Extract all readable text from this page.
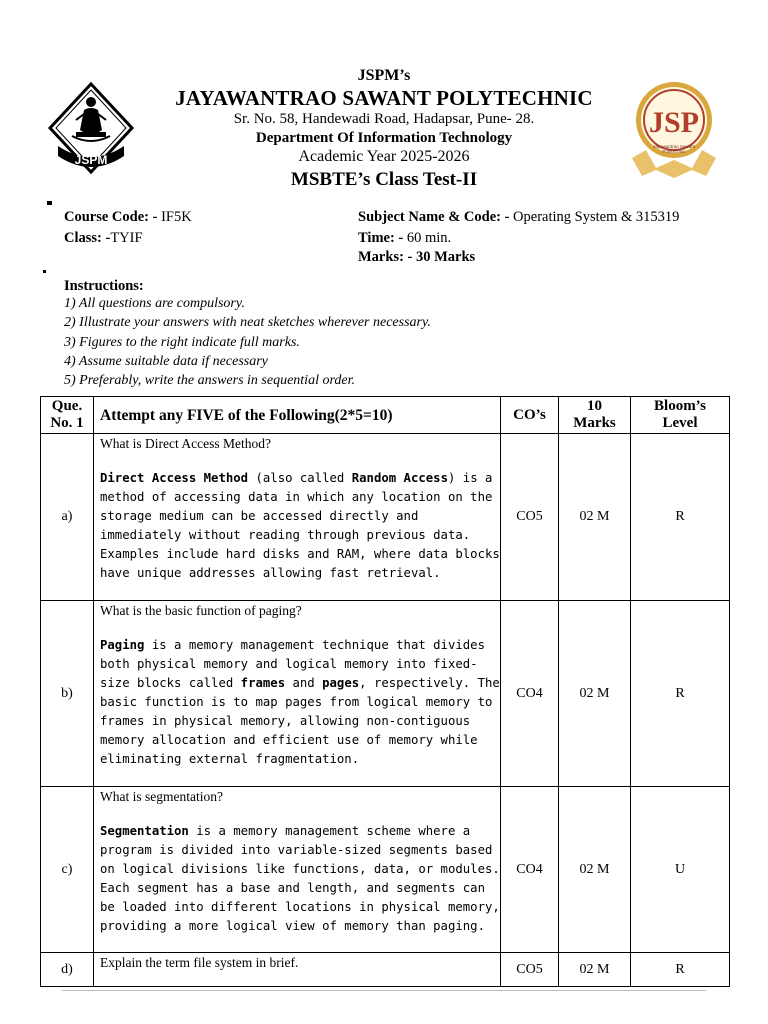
JSPM
JSP
Jayawantrao Sawant
Polytechnic
JSPM’s
JAYAWANTRAO SAWANT POLYTECHNIC
Sr. No. 58, Handewadi Road, Hadapsar, Pune- 28.
Department Of Information Technology
Academic Year 2025-2026
MSBTE’s Class Test-II
Course Code: - IF5K
Class: -TYIF
Subject Name & Code: - Operating System & 315319
Time: - 60 min.
Marks: - 30 Marks
Instructions:
1) All questions are compulsory.
2) Illustrate your answers with neat sketches wherever necessary.
3) Figures to the right indicate full marks.
4) Assume suitable data if necessary
5) Preferably, write the answers in sequential order.
Que. No. 1	Attempt any FIVE of the Following(2*5=10)	CO’s	10 Marks	Bloom’s Level
a)	What is Direct Access Method?
Direct Access Method (also called Random Access) is a method of accessing data in which any location on the storage medium can be accessed directly and immediately without reading through previous data. Examples include hard disks and RAM, where data blocks have unique addresses allowing fast retrieval.	CO5	02 M	R
b)	What is the basic function of paging?
Paging is a memory management technique that divides both physical memory and logical memory into fixed-size blocks called frames and pages, respectively. The basic function is to map pages from logical memory to frames in physical memory, allowing non-contiguous memory allocation and efficient use of memory while eliminating external fragmentation.	CO4	02 M	R
c)	What is segmentation?
Segmentation is a memory management scheme where a program is divided into variable-sized segments based on logical divisions like functions, data, or modules. Each segment has a base and length, and segments can be loaded into different locations in physical memory, providing a more logical view of memory than paging.	CO4	02 M	U
d)	Explain the term file system in brief.	CO5	02 M	R
